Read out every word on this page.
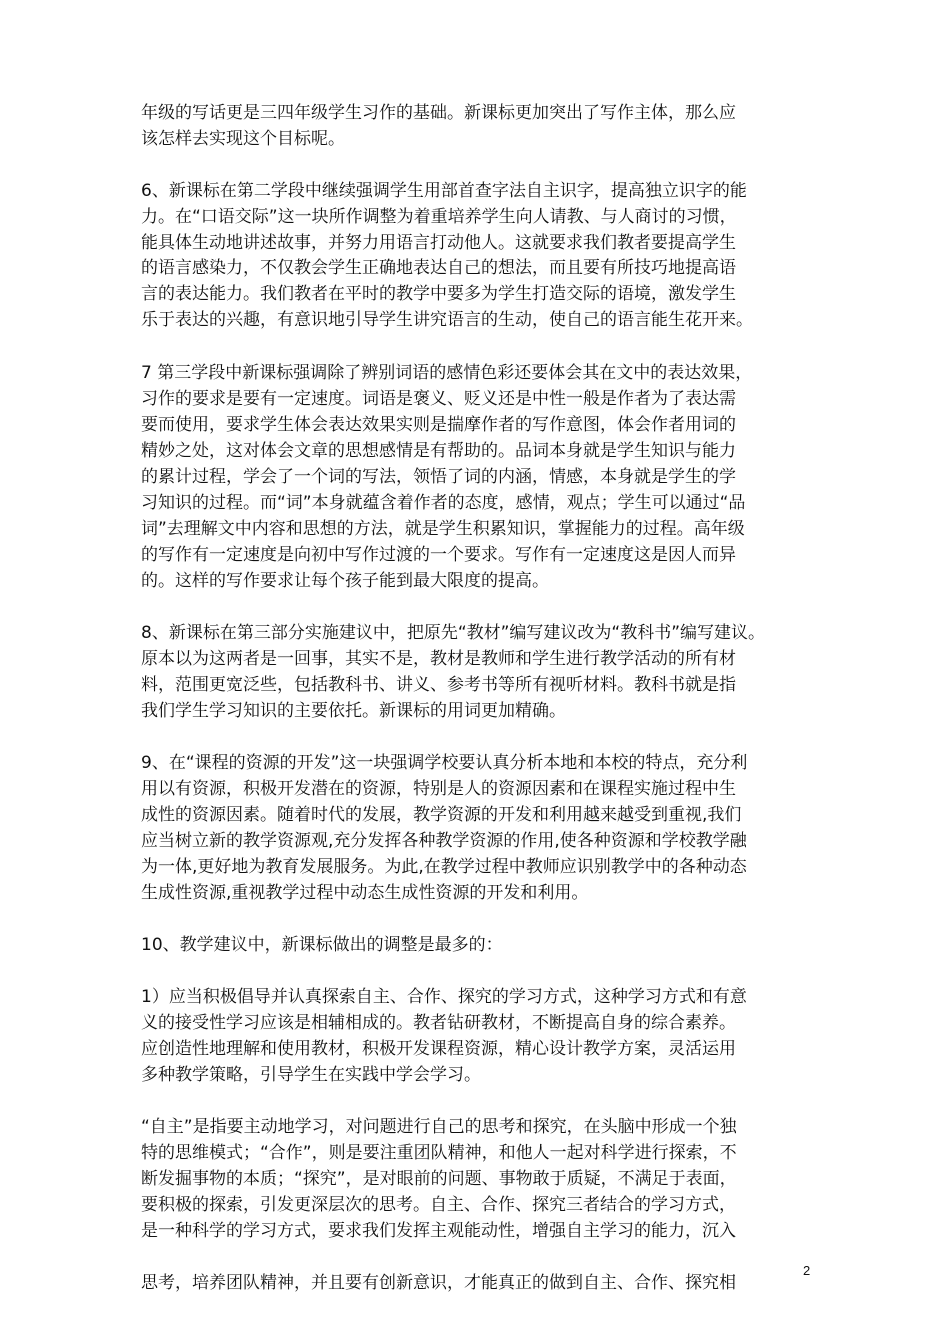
年级的写话更是三四年级学生习作的基础。新课标更加突出了写作主体，那么应
该怎样去实现这个目标呢。
6、新课标在第二学段中继续强调学生用部首查字法自主识字，提高独立识字的能
力。在“口语交际”这一块所作调整为着重培养学生向人请教、与人商讨的习惯，
能具体生动地讲述故事，并努力用语言打动他人。这就要求我们教者要提高学生
的语言感染力，不仅教会学生正确地表达自己的想法，而且要有所技巧地提高语
言的表达能力。我们教者在平时的教学中要多为学生打造交际的语境，激发学生
乐于表达的兴趣，有意识地引导学生讲究语言的生动，使自己的语言能生花开来。
7 第三学段中新课标强调除了辨别词语的感情色彩还要体会其在文中的表达效果，
习作的要求是要有一定速度。词语是褒义、贬义还是中性一般是作者为了表达需
要而使用，要求学生体会表达效果实则是揣摩作者的写作意图，体会作者用词的
精妙之处，这对体会文章的思想感情是有帮助的。品词本身就是学生知识与能力
的累计过程，学会了一个词的写法，领悟了词的内涵，情感，本身就是学生的学
习知识的过程。而“词”本身就蕴含着作者的态度，感情，观点；学生可以通过“品
词”去理解文中内容和思想的方法，就是学生积累知识，掌握能力的过程。高年级
的写作有一定速度是向初中写作过渡的一个要求。写作有一定速度这是因人而异
的。这样的写作要求让每个孩子能到最大限度的提高。
8、新课标在第三部分实施建议中，把原先“教材”编写建议改为“教科书”编写建议。
原本以为这两者是一回事，其实不是，教材是教师和学生进行教学活动的所有材
料，范围更宽泛些，包括教科书、讲义、参考书等所有视听材料。教科书就是指
我们学生学习知识的主要依托。新课标的用词更加精确。
9、在“课程的资源的开发”这一块强调学校要认真分析本地和本校的特点，充分利
用以有资源，积极开发潜在的资源，特别是人的资源因素和在课程实施过程中生
成性的资源因素。随着时代的发展，教学资源的开发和利用越来越受到重视,我们
应当树立新的教学资源观,充分发挥各种教学资源的作用,使各种资源和学校教学融
为一体,更好地为教育发展服务。为此,在教学过程中教师应识别教学中的各种动态
生成性资源,重视教学过程中动态生成性资源的开发和利用。
10、教学建议中，新课标做出的调整是最多的：
1）应当积极倡导并认真探索自主、合作、探究的学习方式，这种学习方式和有意
义的接受性学习应该是相辅相成的。教者钻研教材，不断提高自身的综合素养。
应创造性地理解和使用教材，积极开发课程资源，精心设计教学方案，灵活运用
多种教学策略，引导学生在实践中学会学习。
“自主”是指要主动地学习，对问题进行自己的思考和探究，在头脑中形成一个独
特的思维模式；“合作”，则是要注重团队精神，和他人一起对科学进行探索，不
断发掘事物的本质；“探究”，是对眼前的问题、事物敢于质疑，不满足于表面，
要积极的探索，引发更深层次的思考。自主、合作、探究三者结合的学习方式，
是一种科学的学习方式，要求我们发挥主观能动性，增强自主学习的能力，沉入
思考，培养团队精神，并且要有创新意识，才能真正的做到自主、合作、探究相
2
